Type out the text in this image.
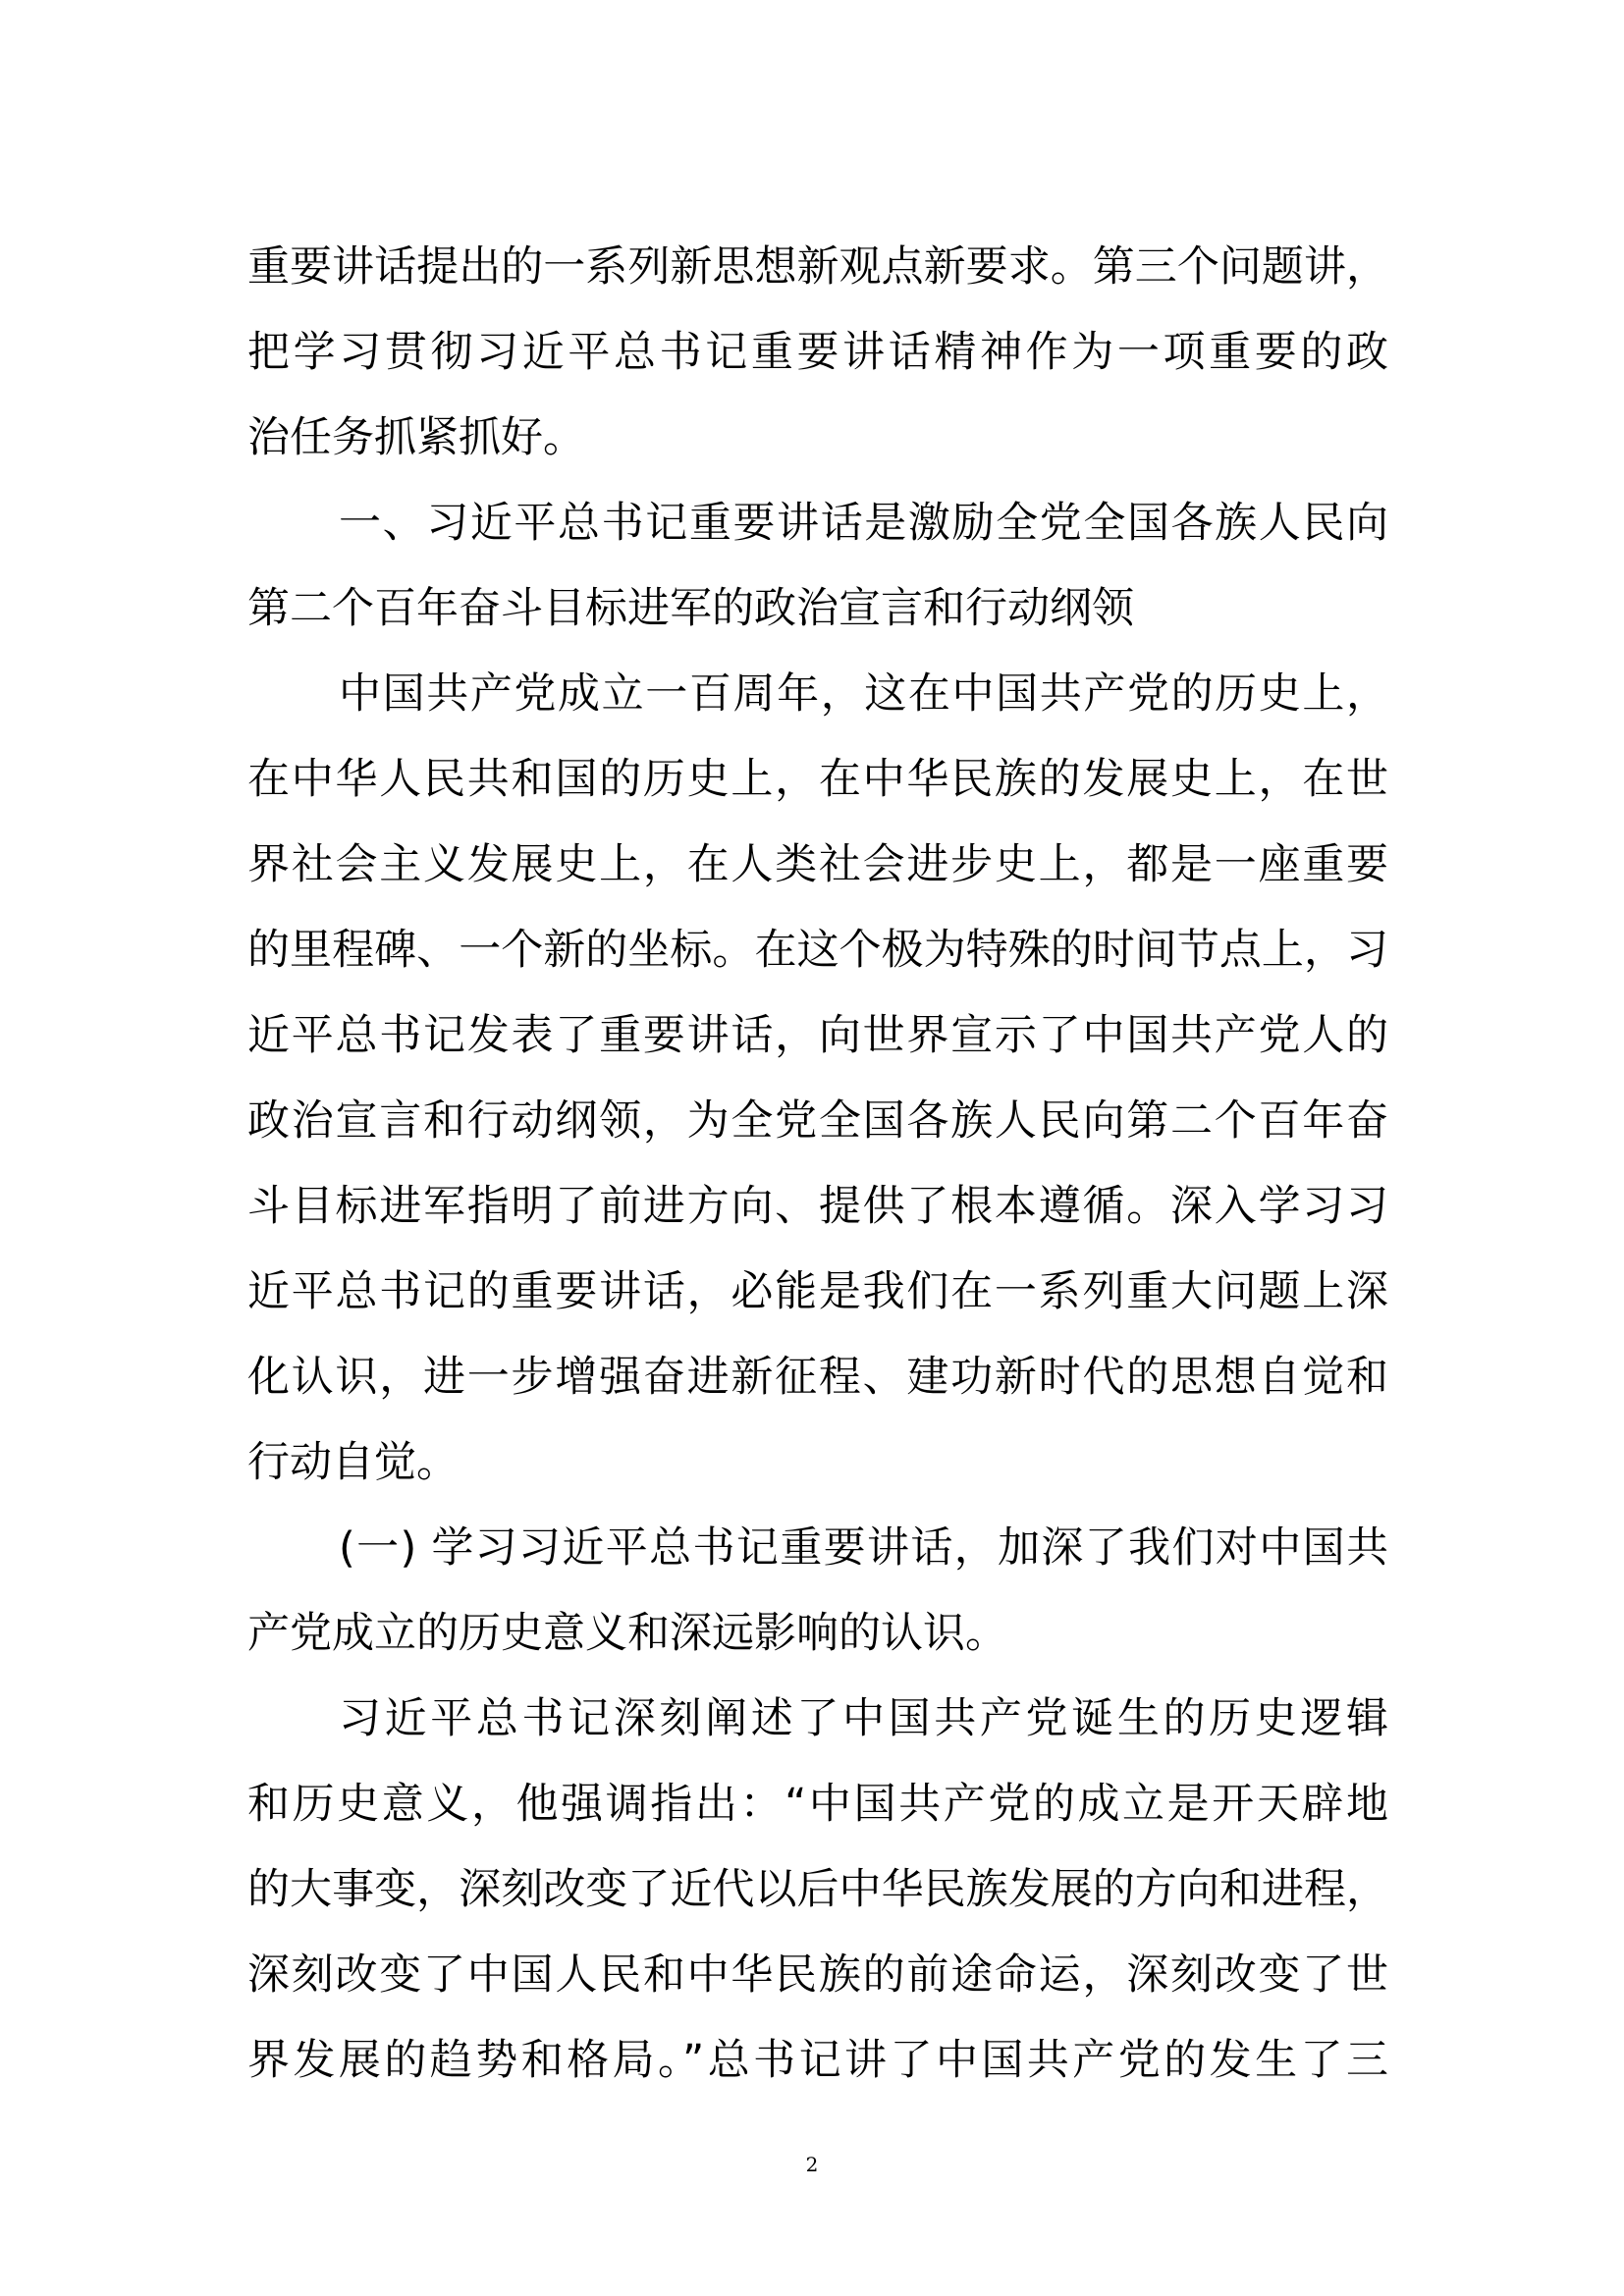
重要讲话提出的一系列新思想新观点新要求。第三个问题讲，
把学习贯彻习近平总书记重要讲话精神作为一项重要的政
治任务抓紧抓好。
一、习近平总书记重要讲话是激励全党全国各族人民向
第二个百年奋斗目标进军的政治宣言和行动纲领
中国共产党成立一百周年，这在中国共产党的历史上，
在中华人民共和国的历史上，在中华民族的发展史上，在世
界社会主义发展史上，在人类社会进步史上，都是一座重要
的里程碑、一个新的坐标。在这个极为特殊的时间节点上，习
近平总书记发表了重要讲话，向世界宣示了中国共产党人的
政治宣言和行动纲领，为全党全国各族人民向第二个百年奋
斗目标进军指明了前进方向、提供了根本遵循。深入学习习
近平总书记的重要讲话，必能是我们在一系列重大问题上深
化认识，进一步增强奋进新征程、建功新时代的思想自觉和
行动自觉。
(一) 学习习近平总书记重要讲话，加深了我们对中国共
产党成立的历史意义和深远影响的认识。
习近平总书记深刻阐述了中国共产党诞生的历史逻辑
和历史意义，他强调指出：“中国共产党的成立是开天辟地
的大事变，深刻改变了近代以后中华民族发展的方向和进程，
深刻改变了中国人民和中华民族的前途命运，深刻改变了世
界发展的趋势和格局。”总书记讲了中国共产党的发生了三
2
